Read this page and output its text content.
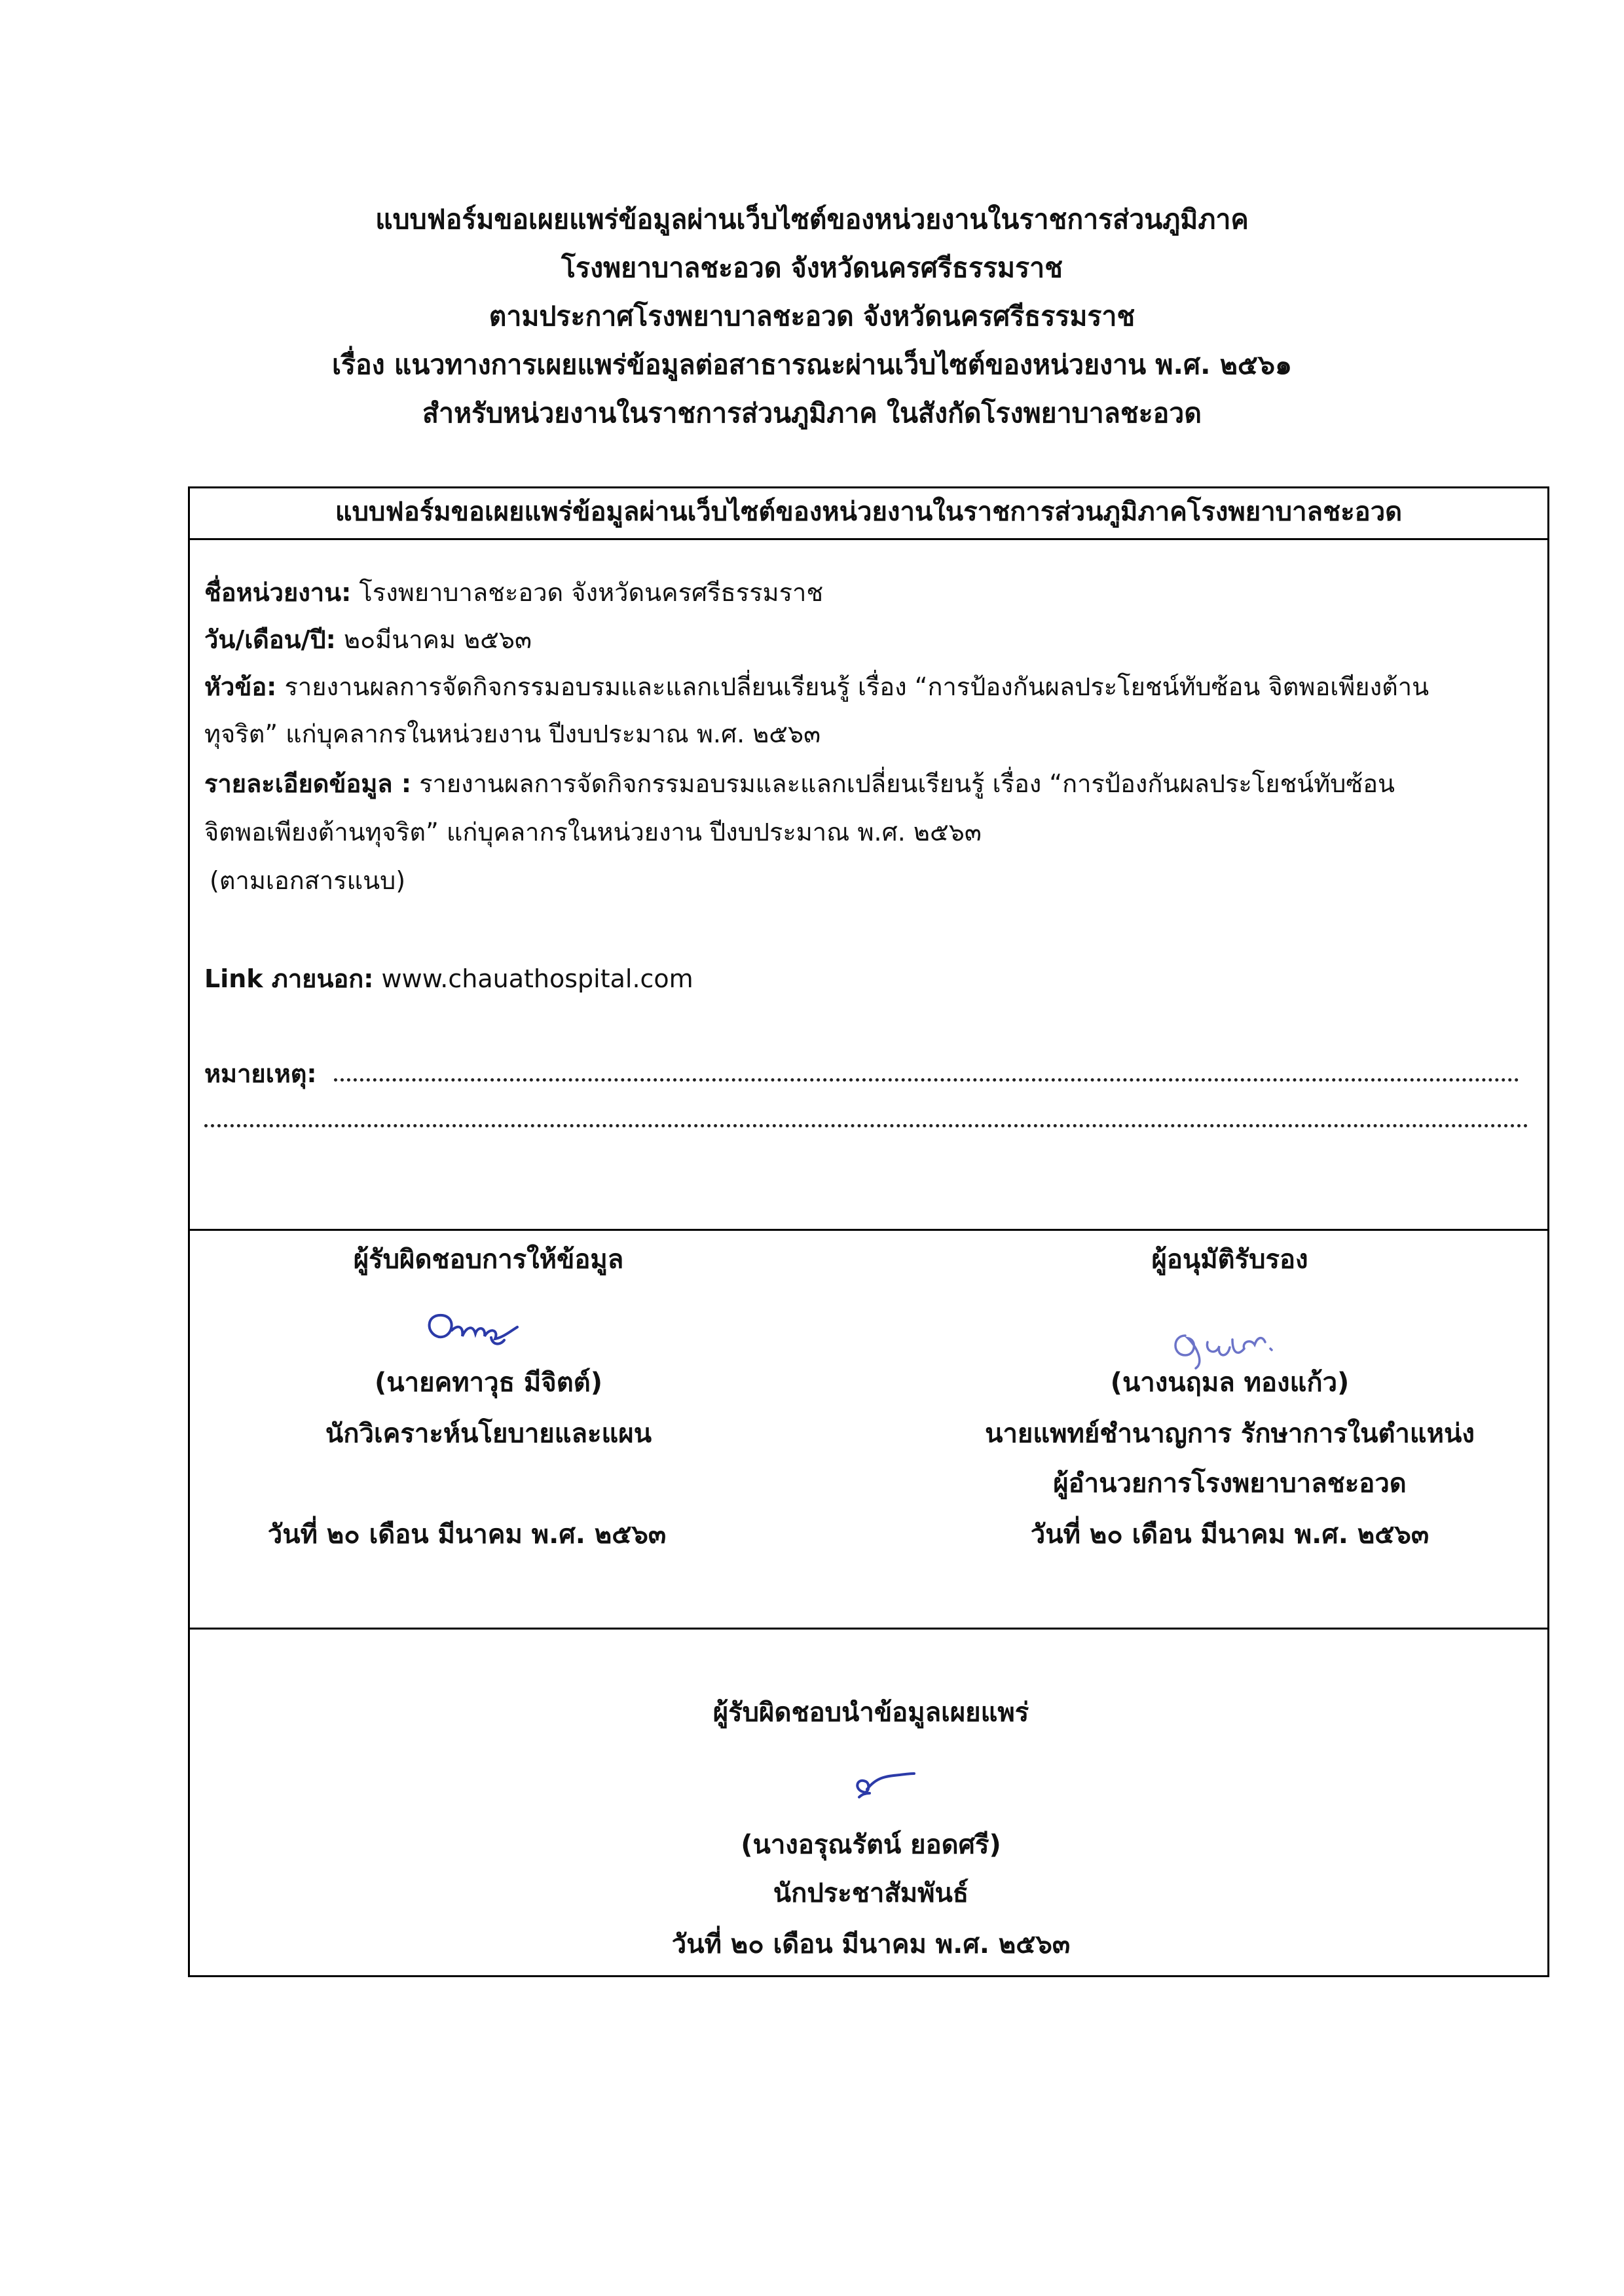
แบบฟอร์มขอเผยแพร่ข้อมูลผ่านเว็บไซต์ของหน่วยงานในราชการส่วนภูมิภาค
โรงพยาบาลชะอวด จังหวัดนครศรีธรรมราช
ตามประกาศโรงพยาบาลชะอวด จังหวัดนครศรีธรรมราช
เรื่อง แนวทางการเผยแพร่ข้อมูลต่อสาธารณะผ่านเว็บไซต์ของหน่วยงาน พ.ศ. ๒๕๖๑
สำหรับหน่วยงานในราชการส่วนภูมิภาค ในสังกัดโรงพยาบาลชะอวด
แบบฟอร์มขอเผยแพร่ข้อมูลผ่านเว็บไซต์ของหน่วยงานในราชการส่วนภูมิภาคโรงพยาบาลชะอวด
ชื่อหน่วยงาน: โรงพยาบาลชะอวด จังหวัดนครศรีธรรมราช
วัน/เดือน/ปี: ๒๐มีนาคม ๒๕๖๓
หัวข้อ: รายงานผลการจัดกิจกรรมอบรมและแลกเปลี่ยนเรียนรู้ เรื่อง “การป้องกันผลประโยชน์ทับซ้อน จิตพอเพียงต้าน
ทุจริต” แก่บุคลากรในหน่วยงาน ปีงบประมาณ พ.ศ. ๒๕๖๓
รายละเอียดข้อมูล : รายงานผลการจัดกิจกรรมอบรมและแลกเปลี่ยนเรียนรู้ เรื่อง “การป้องกันผลประโยชน์ทับซ้อน
จิตพอเพียงต้านทุจริต” แก่บุคลากรในหน่วยงาน ปีงบประมาณ พ.ศ. ๒๕๖๓
(ตามเอกสารแนบ)
Link ภายนอก: www.chauathospital.com
หมายเหตุ:
ผู้รับผิดชอบการให้ข้อมูล
(นายคทาวุธ มีจิตต์)
นักวิเคราะห์นโยบายและแผน
วันที่ ๒๐ เดือน มีนาคม พ.ศ. ๒๕๖๓
ผู้อนุมัติรับรอง
(นางนฤมล ทองแก้ว)
นายแพทย์ชำนาญการ รักษาการในตำแหน่ง
ผู้อำนวยการโรงพยาบาลชะอวด
วันที่ ๒๐ เดือน มีนาคม พ.ศ. ๒๕๖๓
ผู้รับผิดชอบนำข้อมูลเผยแพร่
(นางอรุณรัตน์ ยอดศรี)
นักประชาสัมพันธ์
วันที่ ๒๐ เดือน มีนาคม พ.ศ. ๒๕๖๓
